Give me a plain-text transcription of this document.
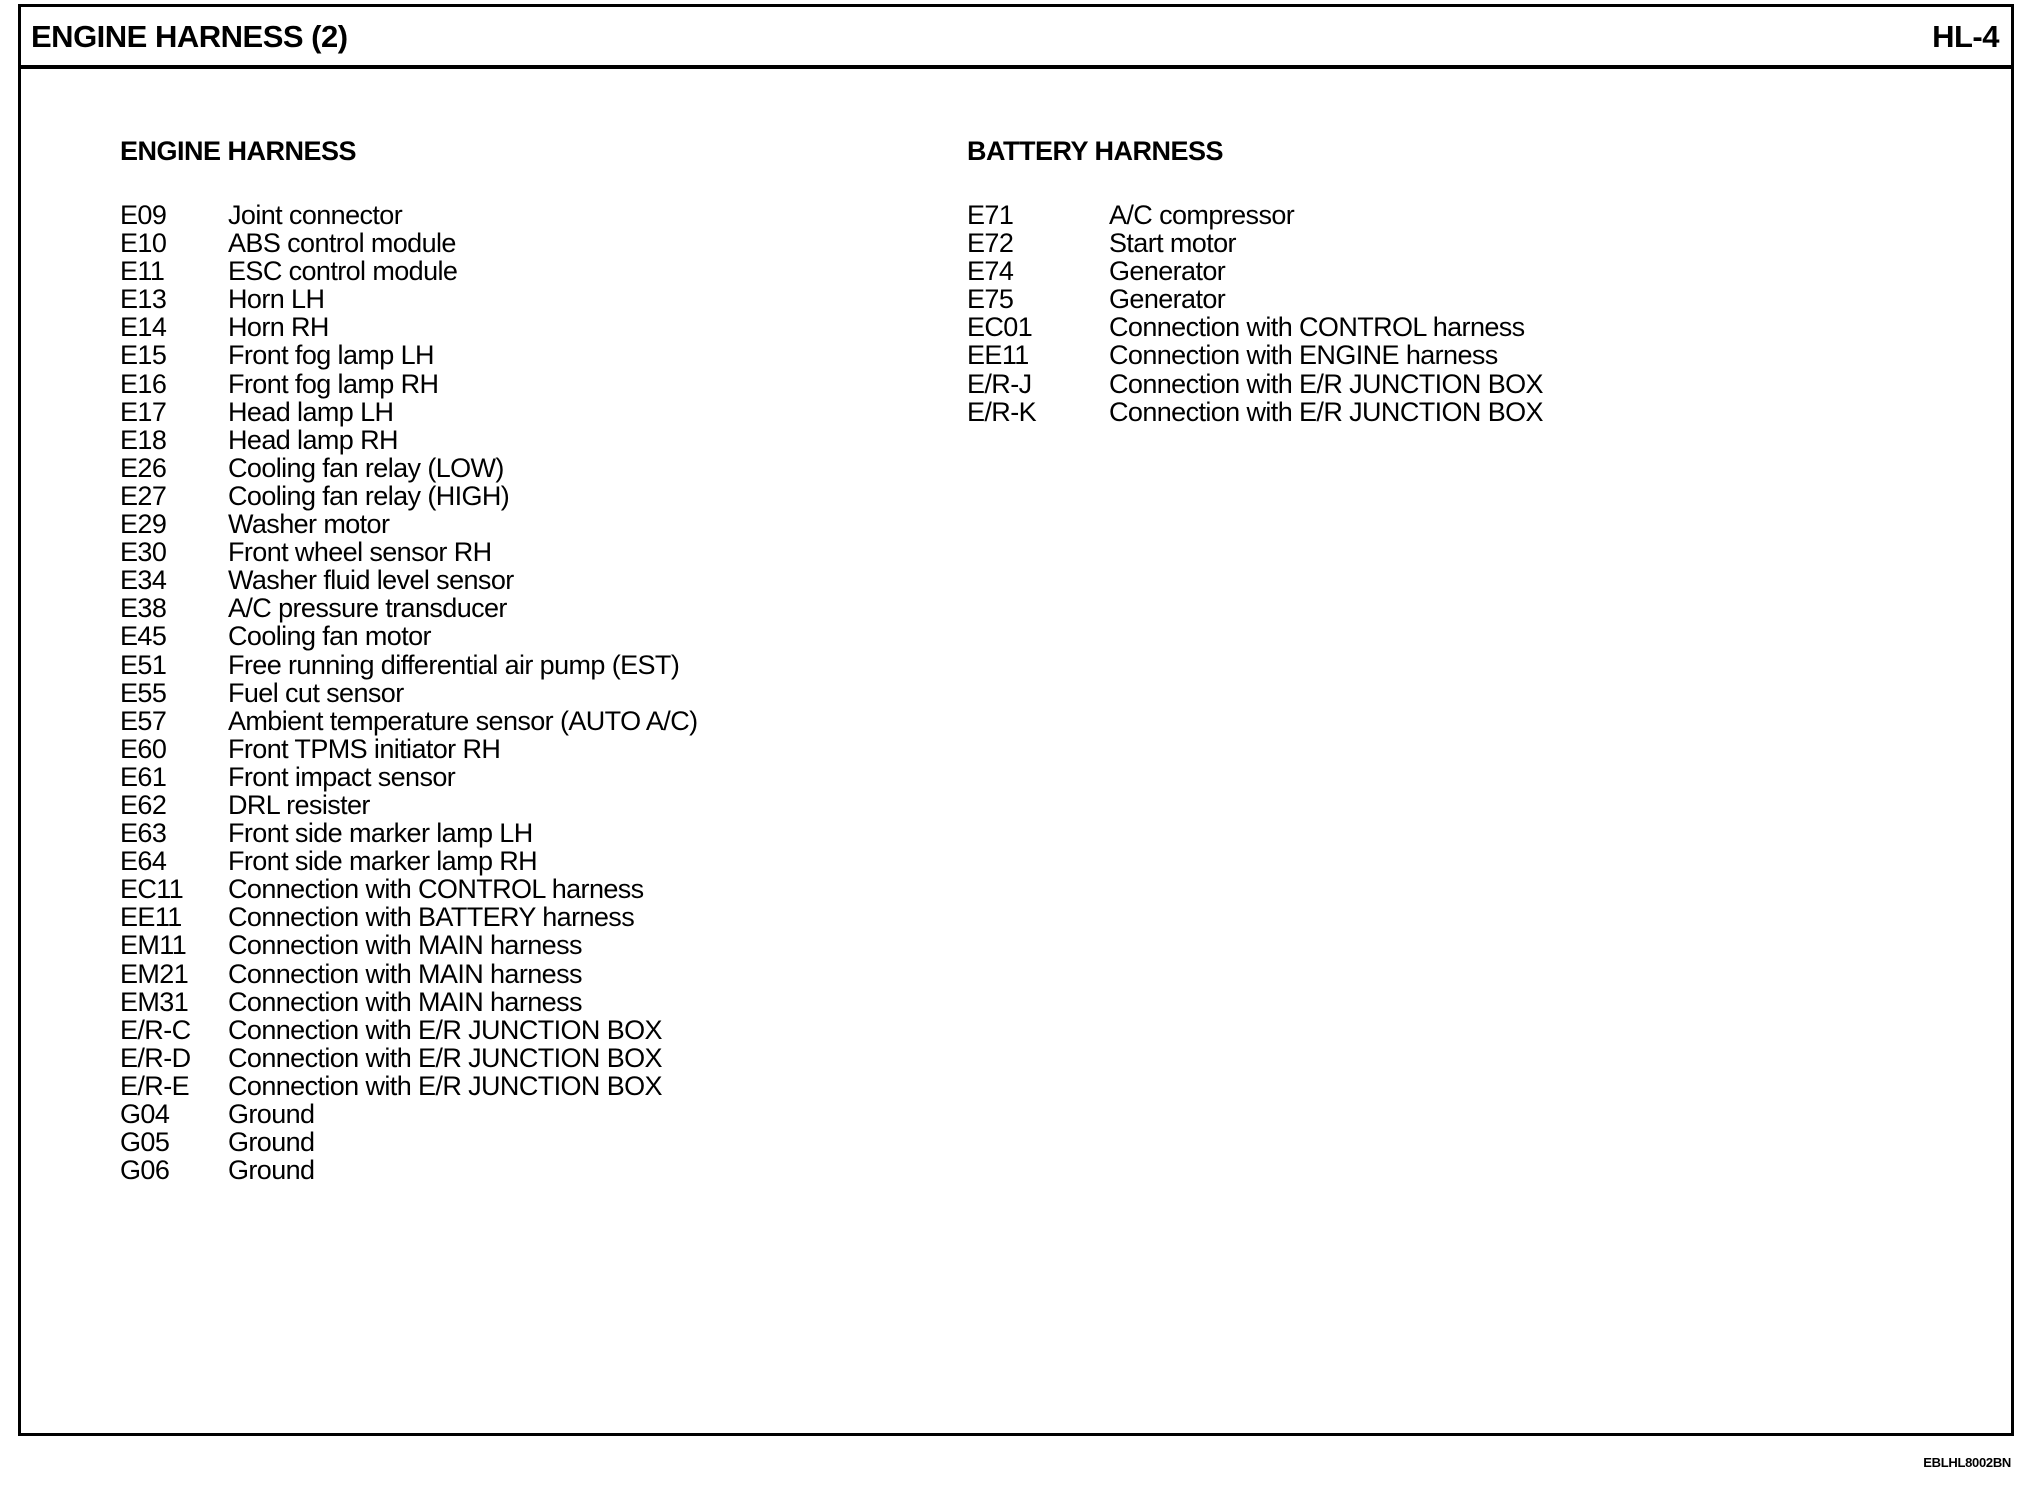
ENGINE HARNESS (2)	HL-4
ENGINE HARNESS
E09 Joint connector
E10 ABS control module
E11 ESC control module
E13 Horn LH
E14 Horn RH
E15 Front fog lamp LH
E16 Front fog lamp RH
E17 Head lamp LH
E18 Head lamp RH
E26 Cooling fan relay (LOW)
E27 Cooling fan relay (HIGH)
E29 Washer motor
E30 Front wheel sensor RH
E34 Washer fluid level sensor
E38 A/C pressure transducer
E45 Cooling fan motor
E51 Free running differential air pump (EST)
E55 Fuel cut sensor
E57 Ambient temperature sensor (AUTO A/C)
E60 Front TPMS initiator RH
E61 Front impact sensor
E62 DRL resister
E63 Front side marker lamp LH
E64 Front side marker lamp RH
EC11 Connection with CONTROL harness
EE11 Connection with BATTERY harness
EM11 Connection with MAIN harness
EM21 Connection with MAIN harness
EM31 Connection with MAIN harness
E/R-C Connection with E/R JUNCTION BOX
E/R-D Connection with E/R JUNCTION BOX
E/R-E Connection with E/R JUNCTION BOX
G04 Ground
G05 Ground
G06 Ground
BATTERY HARNESS
E71	A/C compressor
E72	Start motor
E74	Generator
E75	Generator
EC01	Connection with CONTROL harness
EE11	Connection with ENGINE harness
E/R-J	Connection with E/R JUNCTION BOX
E/R-K	Connection with E/R JUNCTION BOX
EBLHL8002BN
